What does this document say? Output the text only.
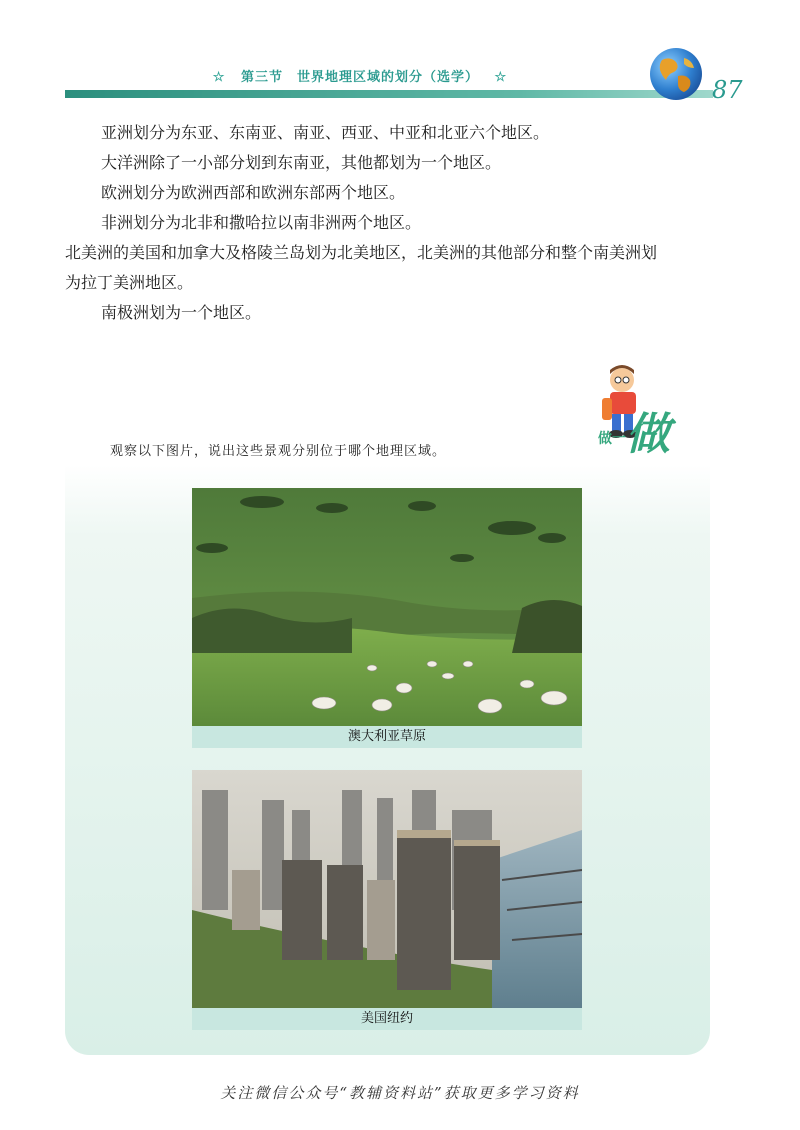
☆ 第三节　世界地理区域的划分（选学） ☆	87

亚洲划分为东亚、东南亚、南亚、西亚、中亚和北亚六个地区。

大洋洲除了一小部分划到东南亚，其他都划为一个地区。

欧洲划分为欧洲西部和欧洲东部两个地区。

非洲划分为北非和撒哈拉以南非洲两个地区。

北美洲的美国和加拿大及格陵兰岛划为北美地区，北美洲的其他部分和整个南美洲划为拉丁美洲地区。

南极洲划为一个地区。

做一 做
观察以下图片，说出这些景观分别位于哪个地理区域。
澳大利亚草原
美国纽约
关注微信公众号“教辅资料站”获取更多学习资料
